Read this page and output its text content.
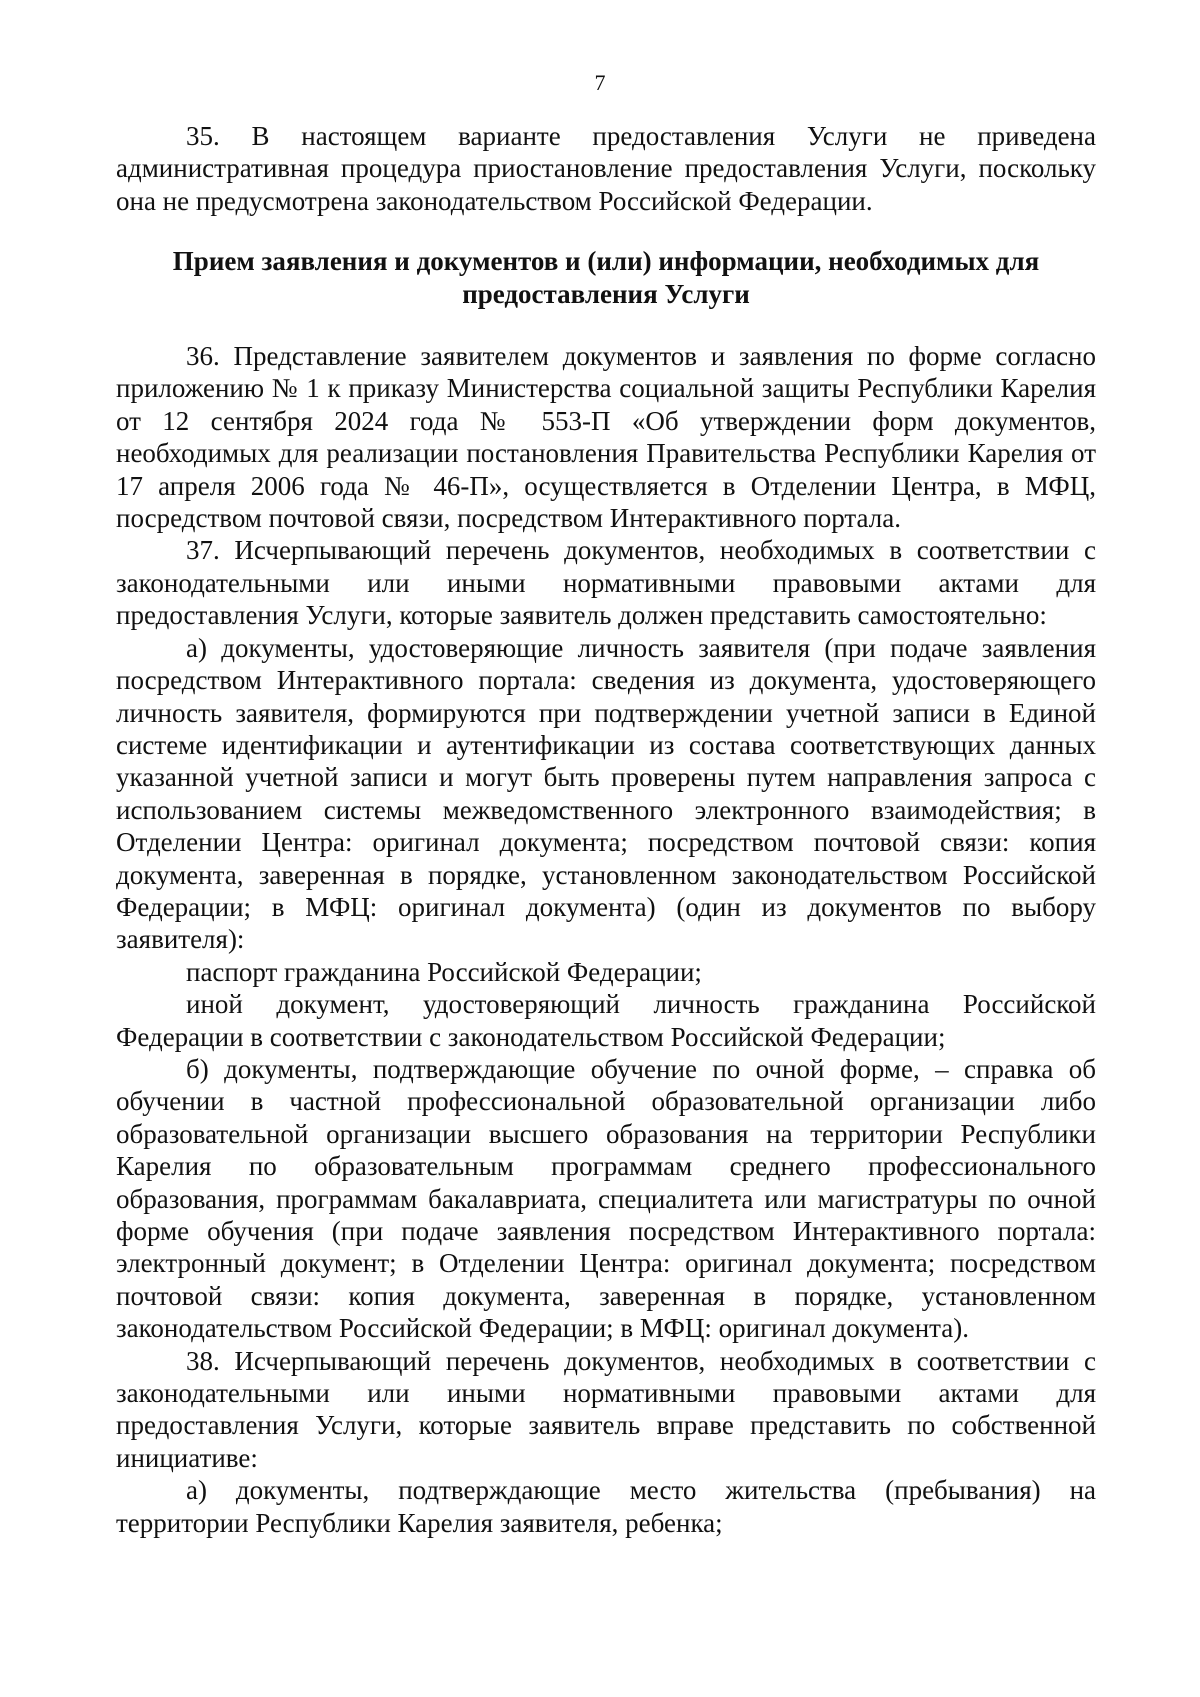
7

35. В настоящем варианте предоставления Услуги не приведена административная процедура приостановление предоставления Услуги, поскольку она не предусмотрена законодательством Российской Федерации.

Прием заявления и документов и (или) информации, необходимых для предоставления Услуги

36. Представление заявителем документов и заявления по форме согласно приложению № 1 к приказу Министерства социальной защиты Республики Карелия от 12 сентября 2024 года № 553-П «Об утверждении форм документов, необходимых для реализации постановления Правительства Республики Карелия от 17 апреля 2006 года № 46-П», осуществляется в Отделении Центра, в МФЦ, посредством почтовой связи, посредством Интерактивного портала.

37. Исчерпывающий перечень документов, необходимых в соответствии с законодательными или иными нормативными правовыми актами для предоставления Услуги, которые заявитель должен представить самостоятельно:

а) документы, удостоверяющие личность заявителя (при подаче заявления посредством Интерактивного портала: сведения из документа, удостоверяющего личность заявителя, формируются при подтверждении учетной записи в Единой системе идентификации и аутентификации из состава соответствующих данных указанной учетной записи и могут быть проверены путем направления запроса с использованием системы межведомственного электронного взаимодействия; в Отделении Центра: оригинал документа; посредством почтовой связи: копия документа, заверенная в порядке, установленном законодательством Российской Федерации; в МФЦ: оригинал документа) (один из документов по выбору заявителя):

паспорт гражданина Российской Федерации;

иной документ, удостоверяющий личность гражданина Российской Федерации в соответствии с законодательством Российской Федерации;

б) документы, подтверждающие обучение по очной форме, – справка об обучении в частной профессиональной образовательной организации либо образовательной организации высшего образования на территории Республики Карелия по образовательным программам среднего профессионального образования, программам бакалавриата, специалитета или магистратуры по очной форме обучения (при подаче заявления посредством Интерактивного портала: электронный документ; в Отделении Центра: оригинал документа; посредством почтовой связи: копия документа, заверенная в порядке, установленном законодательством Российской Федерации; в МФЦ: оригинал документа).

38. Исчерпывающий перечень документов, необходимых в соответствии с законодательными или иными нормативными правовыми актами для предоставления Услуги, которые заявитель вправе представить по собственной инициативе:

а) документы, подтверждающие место жительства (пребывания) на территории Республики Карелия заявителя, ребенка;
